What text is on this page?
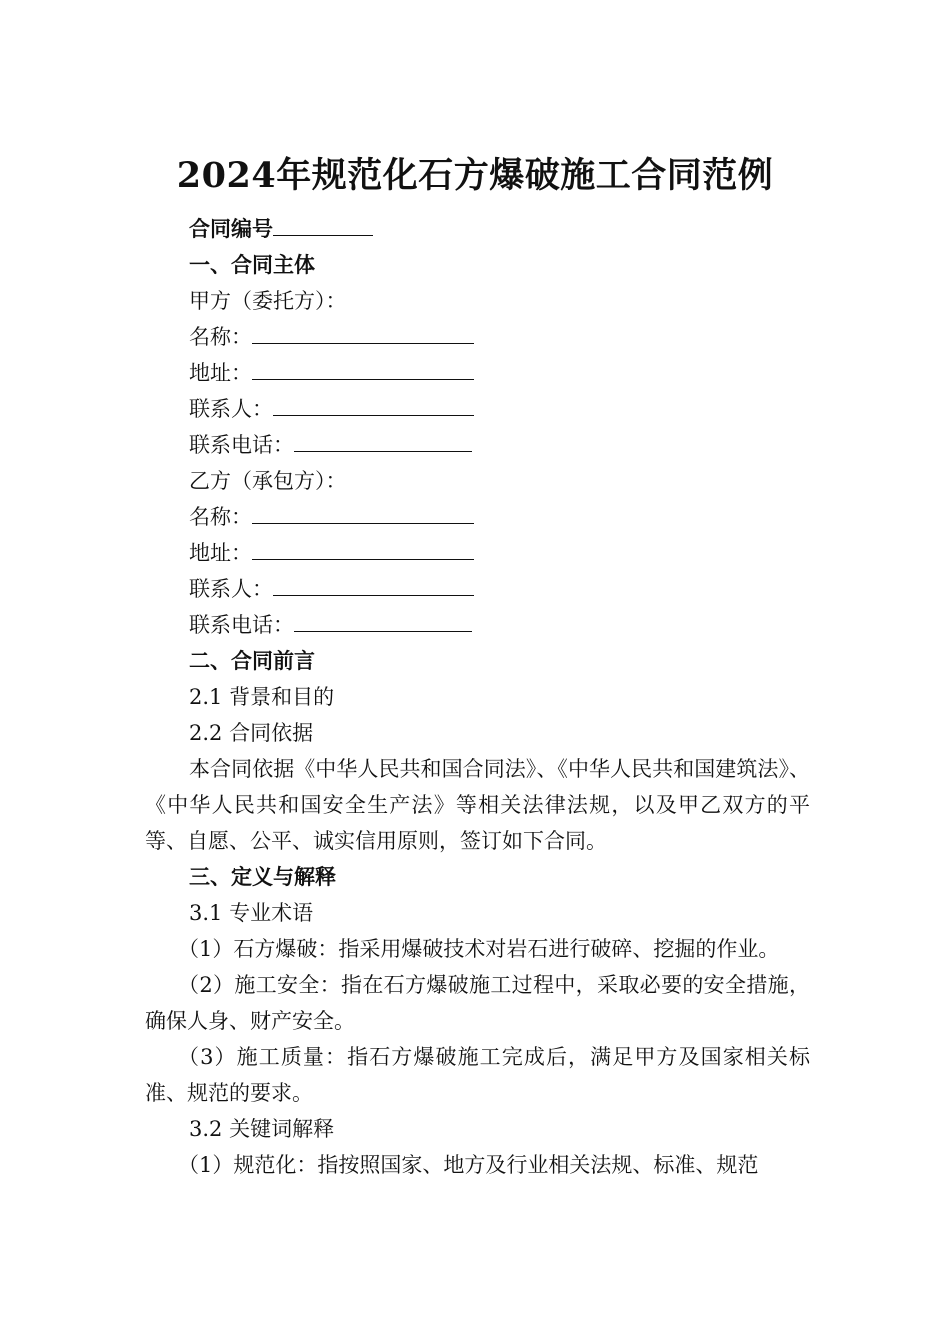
2024年规范化石方爆破施工合同范例

合同编号

一、合同主体

甲方（委托方）：

名称：

地址：

联系人：

联系电话：

乙方（承包方）：

名称：

地址：

联系人：

联系电话：

二、合同前言

2.1 背景和目的

2.2 合同依据

本合同依据《中华人民共和国合同法》、《中华人民共和国建筑法》、《中华人民共和国安全生产法》等相关法律法规，以及甲乙双方的平等、自愿、公平、诚实信用原则，签订如下合同。

三、定义与解释

3.1 专业术语

（1）石方爆破：指采用爆破技术对岩石进行破碎、挖掘的作业。

（2）施工安全：指在石方爆破施工过程中，采取必要的安全措施，确保人身、财产安全。

（3）施工质量：指石方爆破施工完成后，满足甲方及国家相关标准、规范的要求。

3.2 关键词解释

（1）规范化：指按照国家、地方及行业相关法规、标准、规范
